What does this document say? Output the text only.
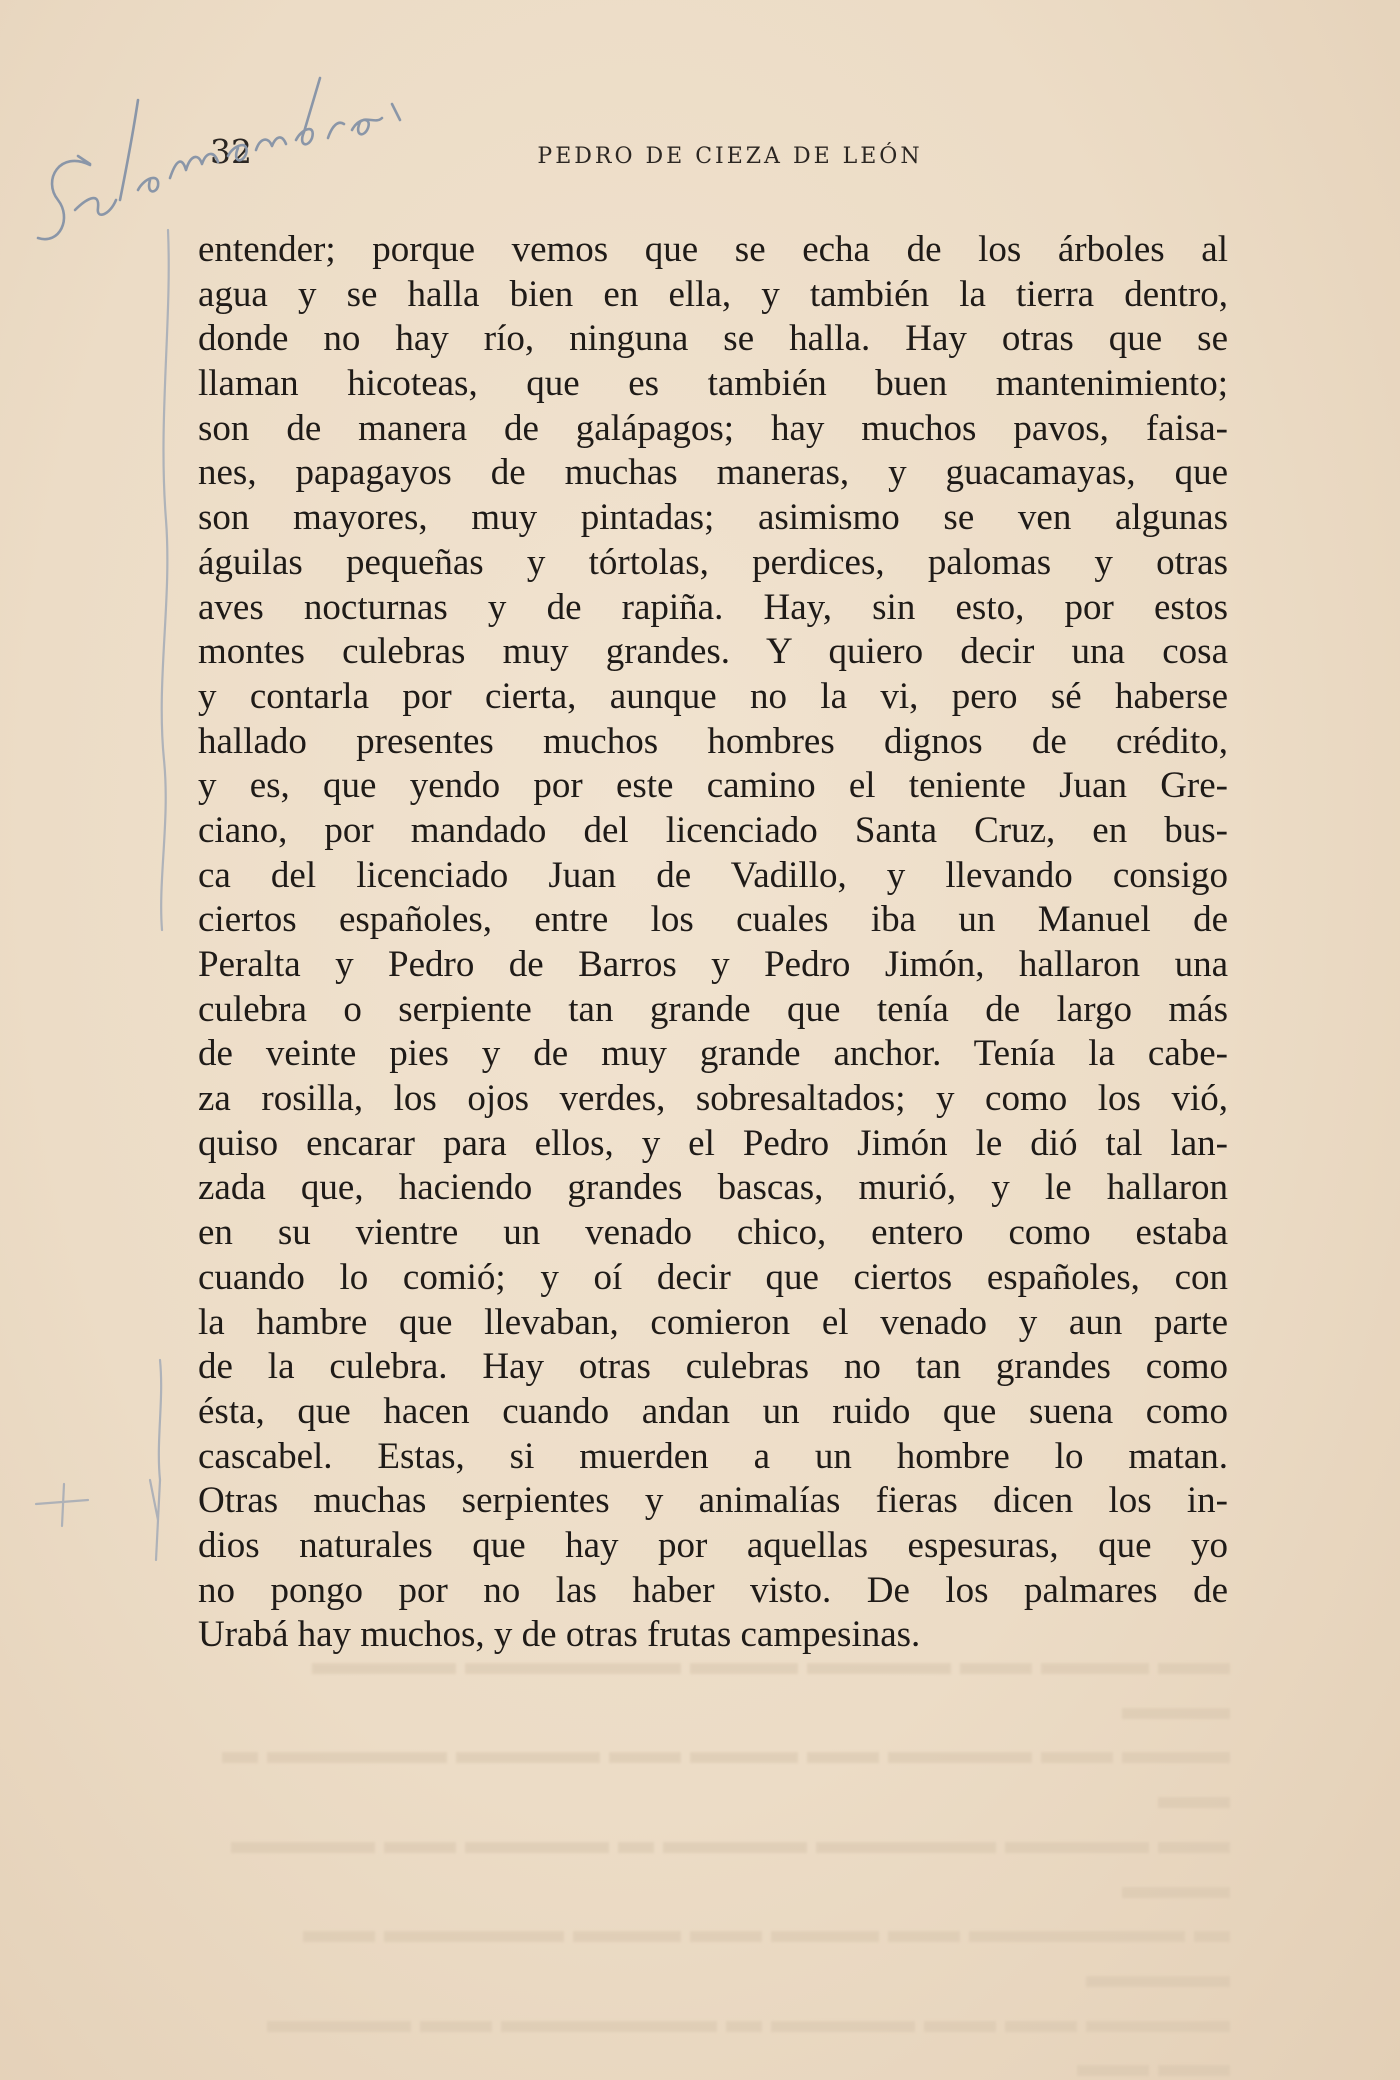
32	PEDRO DE CIEZA DE LEÓN
entender; porque vemos que se echa de los árboles al
agua y se halla bien en ella, y también la tierra dentro,
donde no hay río, ninguna se halla. Hay otras que se
llaman hicoteas, que es también buen mantenimiento;
son de manera de galápagos; hay muchos pavos, faisa-
nes, papagayos de muchas maneras, y guacamayas, que
son mayores, muy pintadas; asimismo se ven algunas
águilas pequeñas y tórtolas, perdices, palomas y otras
aves nocturnas y de rapiña. Hay, sin esto, por estos
montes culebras muy grandes. Y quiero decir una cosa
y contarla por cierta, aunque no la vi, pero sé haberse
hallado presentes muchos hombres dignos de crédito,
y es, que yendo por este camino el teniente Juan Gre-
ciano, por mandado del licenciado Santa Cruz, en bus-
ca del licenciado Juan de Vadillo, y llevando consigo
ciertos españoles, entre los cuales iba un Manuel de
Peralta y Pedro de Barros y Pedro Jimón, hallaron una
culebra o serpiente tan grande que tenía de largo más
de veinte pies y de muy grande anchor. Tenía la cabe-
za rosilla, los ojos verdes, sobresaltados; y como los vió,
quiso encarar para ellos, y el Pedro Jimón le dió tal lan-
zada que, haciendo grandes bascas, murió, y le hallaron
en su vientre un venado chico, entero como estaba
cuando lo comió; y oí decir que ciertos españoles, con
la hambre que llevaban, comieron el venado y aun parte
de la culebra. Hay otras culebras no tan grandes como
ésta, que hacen cuando andan un ruido que suena como
cascabel. Estas, si muerden a un hombre lo matan.
Otras muchas serpientes y animalías fieras dicen los in-
dios naturales que hay por aquellas espesuras, que yo
no pongo por no las haber visto. De los palmares de
Urabá hay muchos, y de otras frutas campesinas.
▬▬ ▬▬▬ ▬▬ ▬▬▬▬ ▬▬▬ ▬▬▬▬▬▬ ▬▬▬▬ ▬▬▬
▬▬▬ ▬▬ ▬▬▬▬ ▬▬ ▬▬▬ ▬▬ ▬▬▬▬ ▬▬▬▬▬ ▬ ▬▬
▬▬ ▬▬▬▬ ▬▬▬▬▬ ▬▬▬▬ ▬ ▬▬▬▬ ▬▬ ▬▬▬▬ ▬▬▬
▬ ▬▬▬▬▬▬ ▬▬ ▬▬▬ ▬▬ ▬▬▬ ▬▬▬▬▬ ▬▬ ▬▬▬▬
▬▬▬▬ ▬▬ ▬▬ ▬▬▬▬ ▬ ▬▬▬▬▬▬ ▬▬ ▬▬▬▬ ▬▬ ▬▬
